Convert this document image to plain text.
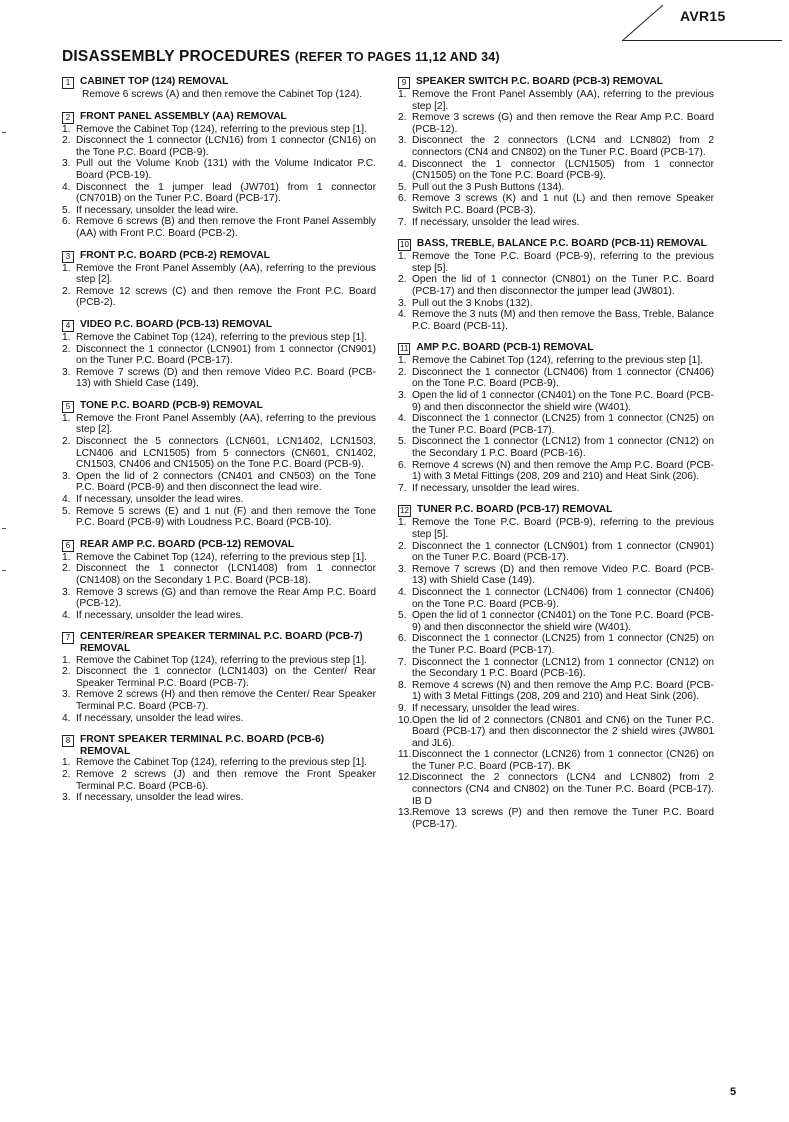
AVR15
DISASSEMBLY PROCEDURES (REFER TO PAGES 11,12 AND 34)
1 CABINET TOP (124) REMOVAL
Remove 6 screws (A) and then remove the Cabinet Top (124).
2 FRONT PANEL ASSEMBLY (AA) REMOVAL
1. Remove the Cabinet Top (124), referring to the previous step [1].
2. Disconnect the 1 connector (LCN16) from 1 connector (CN16) on the Tone P.C. Board (PCB-9).
3. Pull out the Volume Knob (131) with the Volume Indicator P.C. Board (PCB-19).
4. Disconnect the 1 jumper lead (JW701) from 1 connector (CN701B) on the Tuner P.C. Board (PCB-17).
5. If necessary, unsolder the lead wire.
6. Remove 6 screws (B) and then remove the Front Panel Assembly (AA) with Front P.C. Board (PCB-2).
3 FRONT P.C. BOARD (PCB-2) REMOVAL
1. Remove the Front Panel Assembly (AA), referring to the previous step [2].
2. Remove 12 screws (C) and then remove the Front P.C. Board (PCB-2).
4 VIDEO P.C. BOARD (PCB-13) REMOVAL
1. Remove the Cabinet Top (124), referring to the previous step [1].
2. Disconnect the 1 connector (LCN901) from 1 connector (CN901) on the Tuner P.C. Board (PCB-17).
3. Remove 7 screws (D) and then remove Video P.C. Board (PCB-13) with Shield Case (149).
5 TONE P.C. BOARD (PCB-9) REMOVAL
1. Remove the Front Panel Assembly (AA), referring to the previous step [2].
2. Disconnect the 5 connectors (LCN601, LCN1402, LCN1503, LCN406 and LCN1505) from 5 connectors (CN601, CN1402, CN1503, CN406 and CN1505) on the Tone P.C. Board (PCB-9).
3. Open the lid of 2 connectors (CN401 and CN503) on the Tone P.C. Board (PCB-9) and then disconnect the lead wire.
4. If necessary, unsolder the lead wires.
5. Remove 5 screws (E) and 1 nut (F) and then remove the Tone P.C. Board (PCB-9) with Loudness P.C. Board (PCB-10).
6 REAR AMP P.C. BOARD (PCB-12) REMOVAL
1. Remove the Cabinet Top (124), referring to the previous step [1].
2. Disconnect the 1 connector (LCN1408) from 1 connector (CN1408) on the Secondary 1 P.C. Board (PCB-18).
3. Remove 3 screws (G) and than remove the Rear Amp P.C. Board (PCB-12).
4. If necessary, unsolder the lead wires.
7 CENTER/REAR SPEAKER TERMINAL P.C. BOARD (PCB-7) REMOVAL
1. Remove the Cabinet Top (124), referring to the previous step [1].
2. Disconnect the 1 connector (LCN1403) on the Center/ Rear Speaker Terminal P.C. Board (PCB-7).
3. Remove 2 screws (H) and then remove the Center/ Rear Speaker Terminal P.C. Board (PCB-7).
4. If necessary, unsolder the lead wires.
8 FRONT SPEAKER TERMINAL P.C. BOARD (PCB-6) REMOVAL
1. Remove the Cabinet Top (124), referring to the previous step [1].
2. Remove 2 screws (J) and then remove the Front Speaker Terminal P.C. Board (PCB-6).
3. If necessary, unsolder the lead wires.
9 SPEAKER SWITCH P.C. BOARD (PCB-3) REMOVAL
1. Remove the Front Panel Assembly (AA), referring to the previous step [2].
2. Remove 3 screws (G) and then remove the Rear Amp P.C. Board (PCB-12).
3. Disconnect the 2 connectors (LCN4 and LCN802) from 2 connectors (CN4 and CN802) on the Tuner P.C. Board (PCB-17).
4. Disconnect the 1 connector (LCN1505) from 1 connector (CN1505) on the Tone P.C. Board (PCB-9).
5. Pull out the 3 Push Buttons (134).
6. Remove 3 screws (K) and 1 nut (L) and then remove Speaker Switch P.C. Board (PCB-3).
7. If necessary, unsolder the lead wires.
10 BASS, TREBLE, BALANCE P.C. BOARD (PCB-11) REMOVAL
1. Remove the Tone P.C. Board (PCB-9), referring to the previous step [5].
2. Open the lid of 1 connector (CN801) on the Tuner P.C. Board (PCB-17) and then disconnector the jumper lead (JW801).
3. Pull out the 3 Knobs (132).
4. Remove the 3 nuts (M) and then remove the Bass, Treble, Balance P.C. Board (PCB-11).
11 AMP P.C. BOARD (PCB-1) REMOVAL
1. Remove the Cabinet Top (124), referring to the previous step [1].
2. Disconnect the 1 connector (LCN406) from 1 connector (CN406) on the Tone P.C. Board (PCB-9).
3. Open the lid of 1 connector (CN401) on the Tone P.C. Board (PCB-9) and then disconnector the shield wire (W401).
4. Disconnect the 1 connector (LCN25) from 1 connector (CN25) on the Tuner P.C. Board (PCB-17).
5. Disconnect the 1 connector (LCN12) from 1 connector (CN12) on the Secondary 1 P.C. Board (PCB-16).
6. Remove 4 screws (N) and then remove the Amp P.C. Board (PCB-1) with 3 Metal Fittings (208, 209 and 210) and Heat Sink (206).
7. If necessary, unsolder the lead wires.
12 TUNER P.C. BOARD (PCB-17) REMOVAL
1. Remove the Tone P.C. Board (PCB-9), referring to the previous step [5].
2. Disconnect the 1 connector (LCN901) from 1 connector (CN901) on the Tuner P.C. Board (PCB-17).
3. Remove 7 screws (D) and then remove Video P.C. Board (PCB-13) with Shield Case (149).
4. Disconnect the 1 connector (LCN406) from 1 connector (CN406) on the Tone P.C. Board (PCB-9).
5. Open the lid of 1 connector (CN401) on the Tone P.C. Board (PCB-9) and then disconnector the shield wire (W401).
6. Disconnect the 1 connector (LCN25) from 1 connector (CN25) on the Tuner P.C. Board (PCB-17).
7. Disconnect the 1 connector (LCN12) from 1 connector (CN12) on the Secondary 1 P.C. Board (PCB-16).
8. Remove 4 screws (N) and then remove the Amp P.C. Board (PCB-1) with 3 Metal Fittings (208, 209 and 210) and Heat Sink (206).
9. If necessary, unsolder the lead wires.
10. Open the lid of 2 connectors (CN801 and CN6) on the Tuner P.C. Board (PCB-17) and then disconnector the 2 shield wires (JW801 and JL6).
11. Disconnect the 1 connector (LCN26) from 1 connector (CN26) on the Tuner P.C. Board (PCB-17). BK
12. Disconnect the 2 connectors (LCN4 and LCN802) from 2 connectors (CN4 and CN802) on the Tuner P.C. Board (PCB-17). IB D
13. Remove 13 screws (P) and then remove the Tuner P.C. Board (PCB-17).
5
